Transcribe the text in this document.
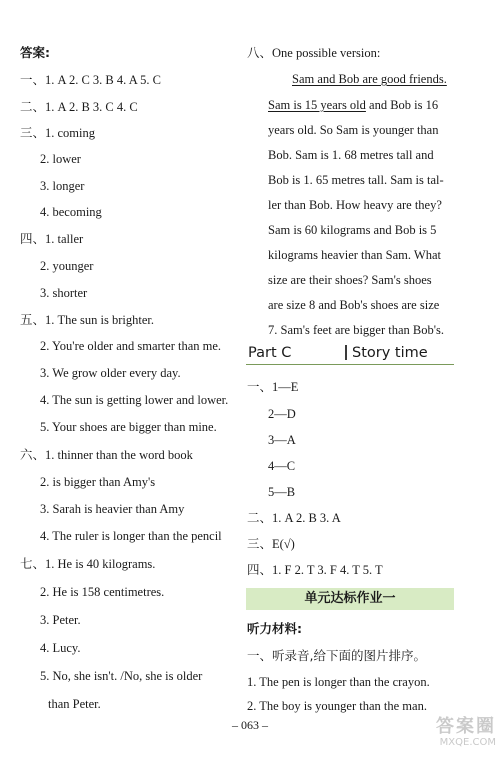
答案:
一、1. A 2. C 3. B 4. A 5. C
二、1. A 2. B 3. C 4. C
三、1. coming
2. lower
3. longer
4. becoming
四、1. taller
2. younger
3. shorter
五、1. The sun is brighter.
2. You're older and smarter than me.
3. We grow older every day.
4. The sun is getting lower and lower.
5. Your shoes are bigger than mine.
六、1. thinner than the word book
2. is bigger than Amy's
3. Sarah is heavier than Amy
4. The ruler is longer than the pencil
七、1. He is 40 kilograms.
2. He is 158 centimetres.
3. Peter.
4. Lucy.
5. No, she isn't. /No, she is older
than Peter.
八、One possible version:
Sam and Bob are good friends.
Sam is 15 years old and Bob is 16
years old. So Sam is younger than
Bob. Sam is 1. 68 metres tall and
Bob is 1. 65 metres tall. Sam is tal-
ler than Bob. How heavy are they?
Sam is 60 kilograms and Bob is 5
kilograms heavier than Sam. What
size are their shoes? Sam's shoes
are size 8 and Bob's shoes are size
7. Sam's feet are bigger than Bob's.
Part C	Story time
一、1—E
2—D
3—A
4—C
5—B
二、1. A 2. B 3. A
三、E(√)
四、1. F 2. T 3. F 4. T 5. T
单元达标作业一
听力材料:
一、听录音,给下面的图片排序。
1. The pen is longer than the crayon.
2. The boy is younger than the man.
– 063 –	答案圈
MXQE.COM
